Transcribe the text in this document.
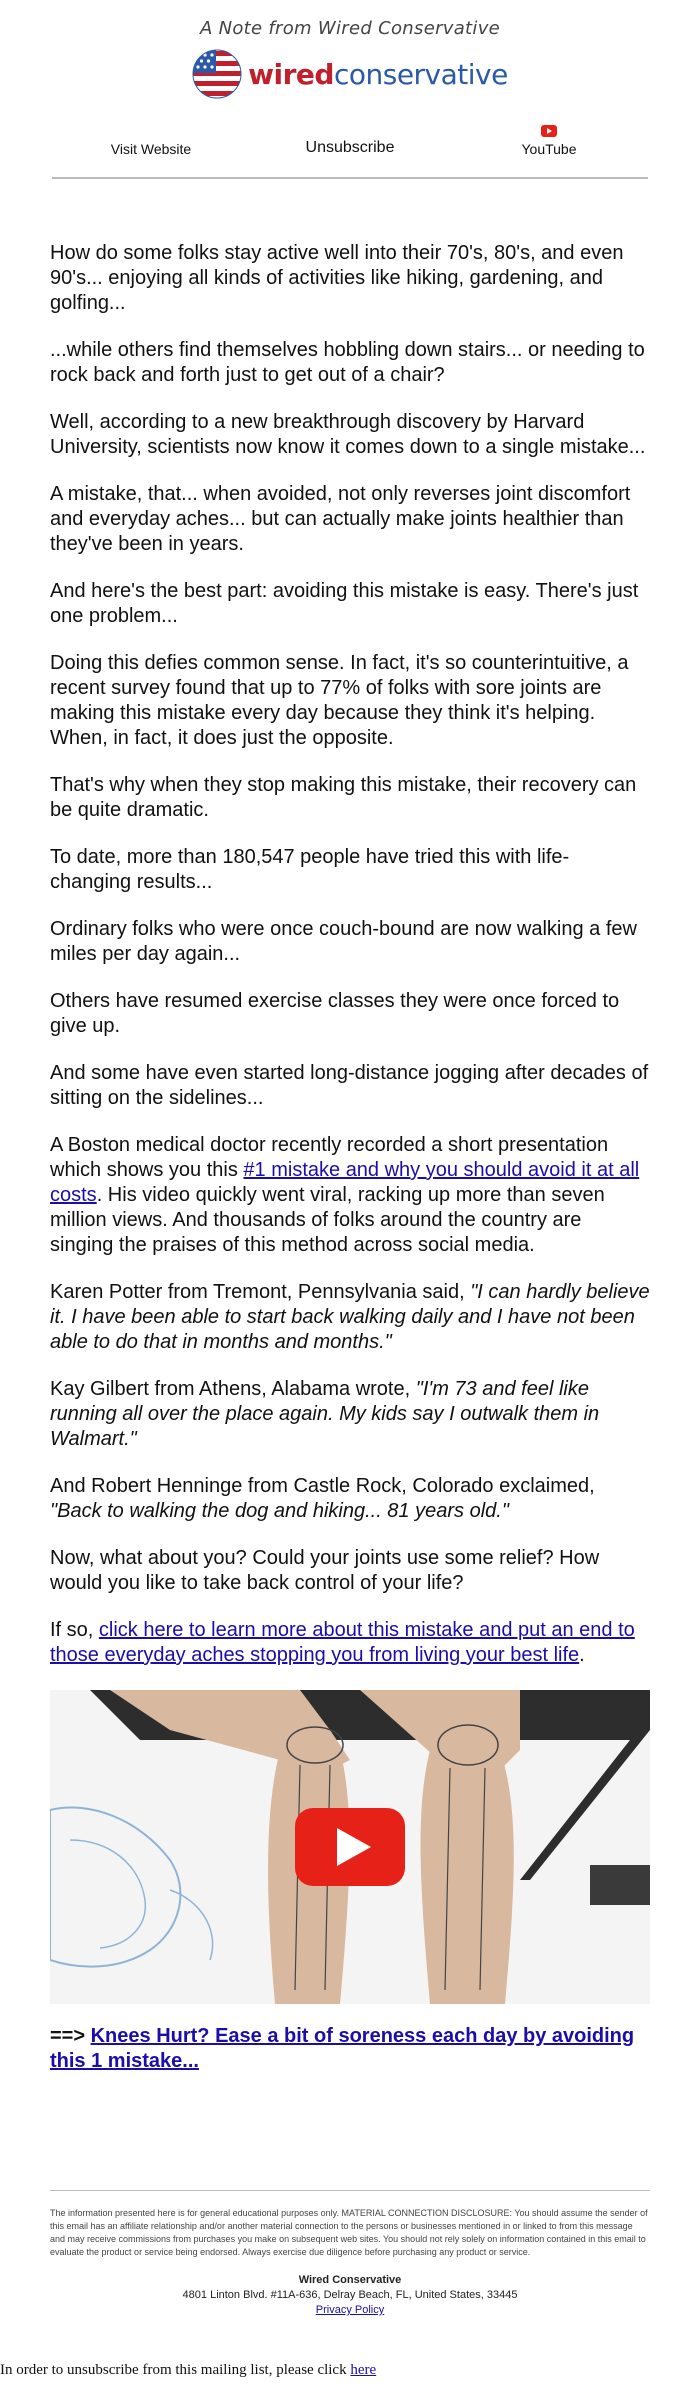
A Note from Wired Conservative
wiredconservative
Visit Website	Unsubscribe	YouTube

How do some folks stay active well into their 70's, 80's, and even 90's... enjoying all kinds of activities like hiking, gardening, and golfing...

...while others find themselves hobbling down stairs... or needing to rock back and forth just to get out of a chair?

Well, according to a new breakthrough discovery by Harvard University, scientists now know it comes down to a single mistake...

A mistake, that... when avoided, not only reverses joint discomfort and everyday aches... but can actually make joints healthier than they've been in years.

And here's the best part: avoiding this mistake is easy. There's just one problem...

Doing this defies common sense. In fact, it's so counterintuitive, a recent survey found that up to 77% of folks with sore joints are making this mistake every day because they think it's helping. When, in fact, it does just the opposite.

That's why when they stop making this mistake, their recovery can be quite dramatic.

To date, more than 180,547 people have tried this with life-changing results...

Ordinary folks who were once couch-bound are now walking a few miles per day again...

Others have resumed exercise classes they were once forced to give up.

And some have even started long-distance jogging after decades of sitting on the sidelines...

A Boston medical doctor recently recorded a short presentation which shows you this #1 mistake and why you should avoid it at all costs. His video quickly went viral, racking up more than seven million views. And thousands of folks around the country are singing the praises of this method across social media.

Karen Potter from Tremont, Pennsylvania said, "I can hardly believe it. I have been able to start back walking daily and I have not been able to do that in months and months."

Kay Gilbert from Athens, Alabama wrote, "I'm 73 and feel like running all over the place again. My kids say I outwalk them in Walmart."

And Robert Henninge from Castle Rock, Colorado exclaimed, "Back to walking the dog and hiking... 81 years old."

Now, what about you? Could your joints use some relief? How would you like to take back control of your life?

If so, click here to learn more about this mistake and put an end to those everyday aches stopping you from living your best life.

==> Knees Hurt? Ease a bit of soreness each day by avoiding this 1 mistake...

The information presented here is for general educational purposes only. MATERIAL CONNECTION DISCLOSURE: You should assume the sender of this email has an affiliate relationship and/or another material connection to the persons or businesses mentioned in or linked to from this message and may receive commissions from purchases you make on subsequent web sites. You should not rely solely on information contained in this email to evaluate the product or service being endorsed. Always exercise due diligence before purchasing any product or service.

Wired Conservative
4801 Linton Blvd. #11A-636, Delray Beach, FL, United States, 33445
Privacy Policy
In order to unsubscribe from this mailing list, please click here
